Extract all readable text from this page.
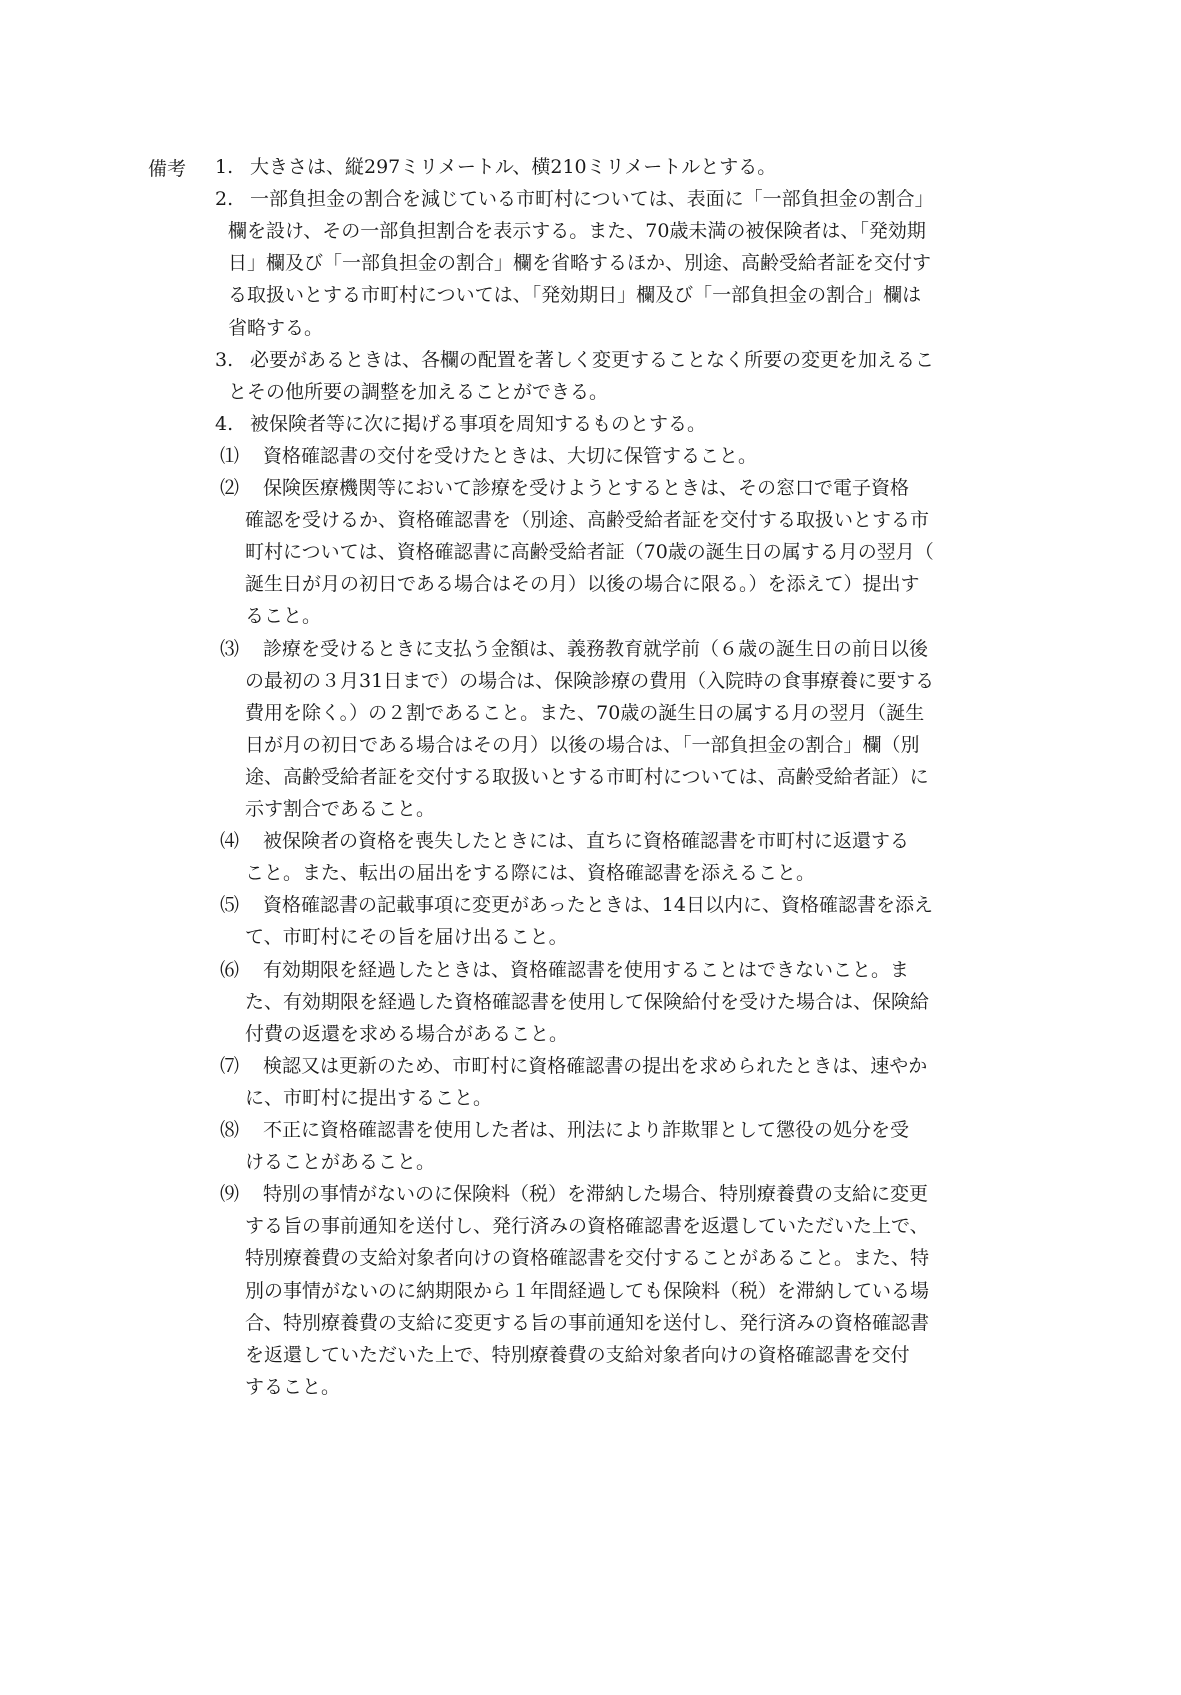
備考 1. 大きさは、縦297ミリメートル、横210ミリメートルとする。
2. 一部負担金の割合を減じている市町村については、表面に「一部負担金の割合」
欄を設け、その一部負担割合を表示する。また、70歳未満の被保険者は、「発効期
日」欄及び「一部負担金の割合」欄を省略するほか、別途、高齢受給者証を交付す
る取扱いとする市町村については、「発効期日」欄及び「一部負担金の割合」欄は
省略する。
3. 必要があるときは、各欄の配置を著しく変更することなく所要の変更を加えるこ
とその他所要の調整を加えることができる。
4. 被保険者等に次に掲げる事項を周知するものとする。
⑴ 資格確認書の交付を受けたときは、大切に保管すること。
⑵ 保険医療機関等において診療を受けようとするときは、その窓口で電子資格
確認を受けるか、資格確認書を（別途、高齢受給者証を交付する取扱いとする市
町村については、資格確認書に高齢受給者証（70歳の誕生日の属する月の翌月（
誕生日が月の初日である場合はその月）以後の場合に限る。）を添えて）提出す
ること。
⑶ 診療を受けるときに支払う金額は、義務教育就学前（６歳の誕生日の前日以後
の最初の３月31日まで）の場合は、保険診療の費用（入院時の食事療養に要する
費用を除く。）の２割であること。また、70歳の誕生日の属する月の翌月（誕生
日が月の初日である場合はその月）以後の場合は、「一部負担金の割合」欄（別
途、高齢受給者証を交付する取扱いとする市町村については、高齢受給者証）に
示す割合であること。
⑷ 被保険者の資格を喪失したときには、直ちに資格確認書を市町村に返還する
こと。また、転出の届出をする際には、資格確認書を添えること。
⑸ 資格確認書の記載事項に変更があったときは、14日以内に、資格確認書を添え
て、市町村にその旨を届け出ること。
⑹ 有効期限を経過したときは、資格確認書を使用することはできないこと。ま
た、有効期限を経過した資格確認書を使用して保険給付を受けた場合は、保険給
付費の返還を求める場合があること。
⑺ 検認又は更新のため、市町村に資格確認書の提出を求められたときは、速やか
に、市町村に提出すること。
⑻ 不正に資格確認書を使用した者は、刑法により詐欺罪として懲役の処分を受
けることがあること。
⑼ 特別の事情がないのに保険料（税）を滞納した場合、特別療養費の支給に変更
する旨の事前通知を送付し、発行済みの資格確認書を返還していただいた上で、
特別療養費の支給対象者向けの資格確認書を交付することがあること。また、特
別の事情がないのに納期限から１年間経過しても保険料（税）を滞納している場
合、特別療養費の支給に変更する旨の事前通知を送付し、発行済みの資格確認書
を返還していただいた上で、特別療養費の支給対象者向けの資格確認書を交付
すること。
